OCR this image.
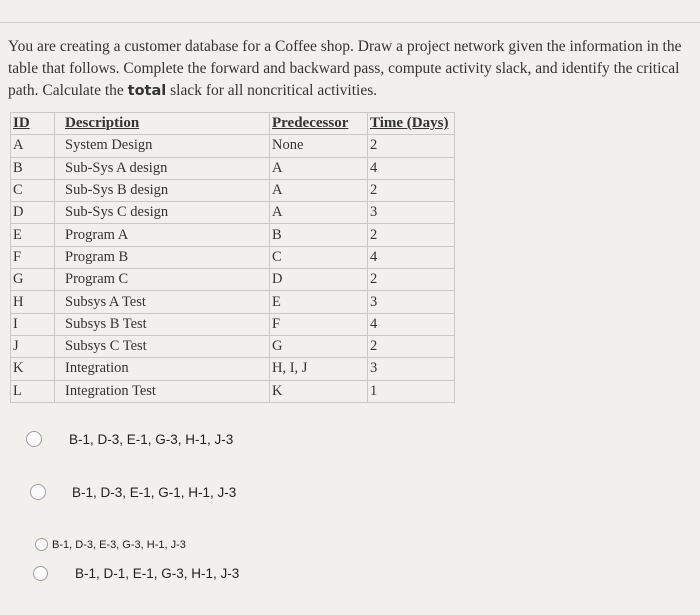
You are creating a customer database for a Coffee shop. Draw a project network given the information in the
table that follows. Complete the forward and backward pass, compute activity slack, and identify the critical
path. Calculate the total slack for all noncritical activities.
ID	Description	Predecessor	Time (Days)
A	System Design	None	2
B	Sub-Sys A design	A	4
C	Sub-Sys B design	A	2
D	Sub-Sys C design	A	3
E	Program A	B	2
F	Program B	C	4
G	Program C	D	2
H	Subsys A Test	E	3
I	Subsys B Test	F	4
J	Subsys C Test	G	2
K	Integration	H, I, J	3
L	Integration Test	K	1
B-1, D-3, E-1, G-3, H-1, J-3
B-1, D-3, E-1, G-1, H-1, J-3
B-1, D-3, E-3, G-3, H-1, J-3
B-1, D-1, E-1, G-3, H-1, J-3
